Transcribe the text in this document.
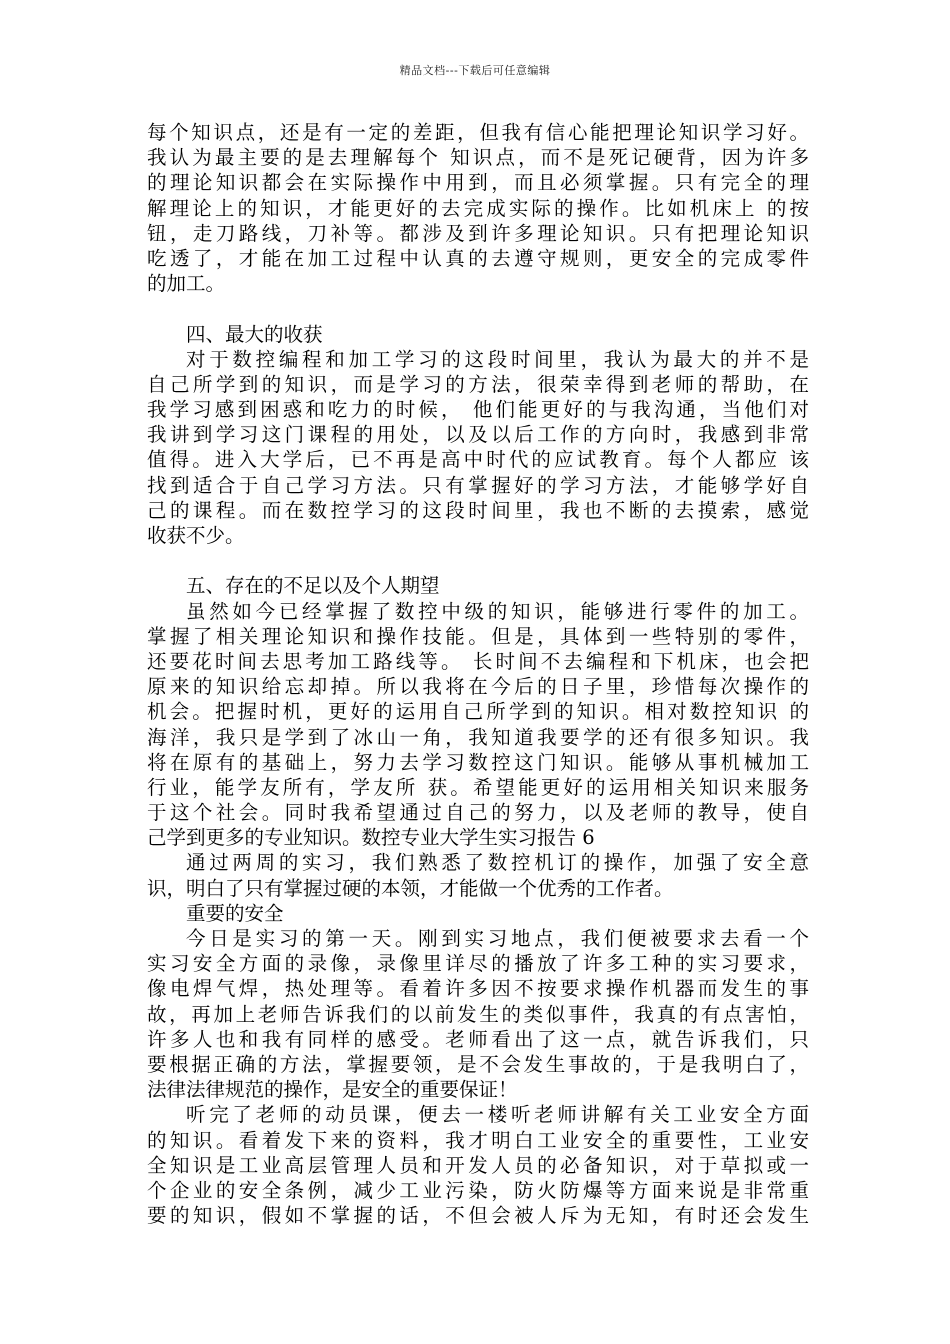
精品文档---下载后可任意编辑
每个知识点，还是有一定的差距，但我有信心能把理论知识学习好。
我认为最主要的是去理解每个 知识点，而不是死记硬背，因为许多
的理论知识都会在实际操作中用到，而且必须掌握。只有完全的理
解理论上的知识，才能更好的去完成实际的操作。比如机床上 的按
钮，走刀路线，刀补等。都涉及到许多理论知识。只有把理论知识
吃透了，才能在加工过程中认真的去遵守规则，更安全的完成零件
的加工。
四、最大的收获
对于数控编程和加工学习的这段时间里，我认为最大的并不是
自己所学到的知识，而是学习的方法，很荣幸得到老师的帮助，在
我学习感到困惑和吃力的时候， 他们能更好的与我沟通，当他们对
我讲到学习这门课程的用处，以及以后工作的方向时，我感到非常
值得。进入大学后，已不再是高中时代的应试教育。每个人都应 该
找到适合于自己学习方法。只有掌握好的学习方法，才能够学好自
己的课程。而在数控学习的这段时间里，我也不断的去摸索，感觉
收获不少。
五、存在的不足以及个人期望
虽然如今已经掌握了数控中级的知识，能够进行零件的加工。
掌握了相关理论知识和操作技能。但是，具体到一些特别的零件，
还要花时间去思考加工路线等。 长时间不去编程和下机床，也会把
原来的知识给忘却掉。所以我将在今后的日子里，珍惜每次操作的
机会。把握时机，更好的运用自己所学到的知识。相对数控知识 的
海洋，我只是学到了冰山一角，我知道我要学的还有很多知识。我
将在原有的基础上，努力去学习数控这门知识。能够从事机械加工
行业，能学友所有，学友所 获。希望能更好的运用相关知识来服务
于这个社会。同时我希望通过自己的努力，以及老师的教导，使自
己学到更多的专业知识。数控专业大学生实习报告 6
通过两周的实习，我们熟悉了数控机订的操作，加强了安全意
识，明白了只有掌握过硬的本领，才能做一个优秀的工作者。
重要的安全
今日是实习的第一天。刚到实习地点，我们便被要求去看一个
实习安全方面的录像，录像里详尽的播放了许多工种的实习要求，
像电焊气焊，热处理等。看着许多因不按要求操作机器而发生的事
故，再加上老师告诉我们的以前发生的类似事件，我真的有点害怕，
许多人也和我有同样的感受。老师看出了这一点，就告诉我们，只
要根据正确的方法，掌握要领，是不会发生事故的，于是我明白了，
法律法律规范的操作，是安全的重要保证！
听完了老师的动员课，便去一楼听老师讲解有关工业安全方面
的知识。看着发下来的资料，我才明白工业安全的重要性，工业安
全知识是工业高层管理人员和开发人员的必备知识，对于草拟或一
个企业的安全条例，减少工业污染，防火防爆等方面来说是非常重
要的知识，假如不掌握的话，不但会被人斥为无知，有时还会发生
